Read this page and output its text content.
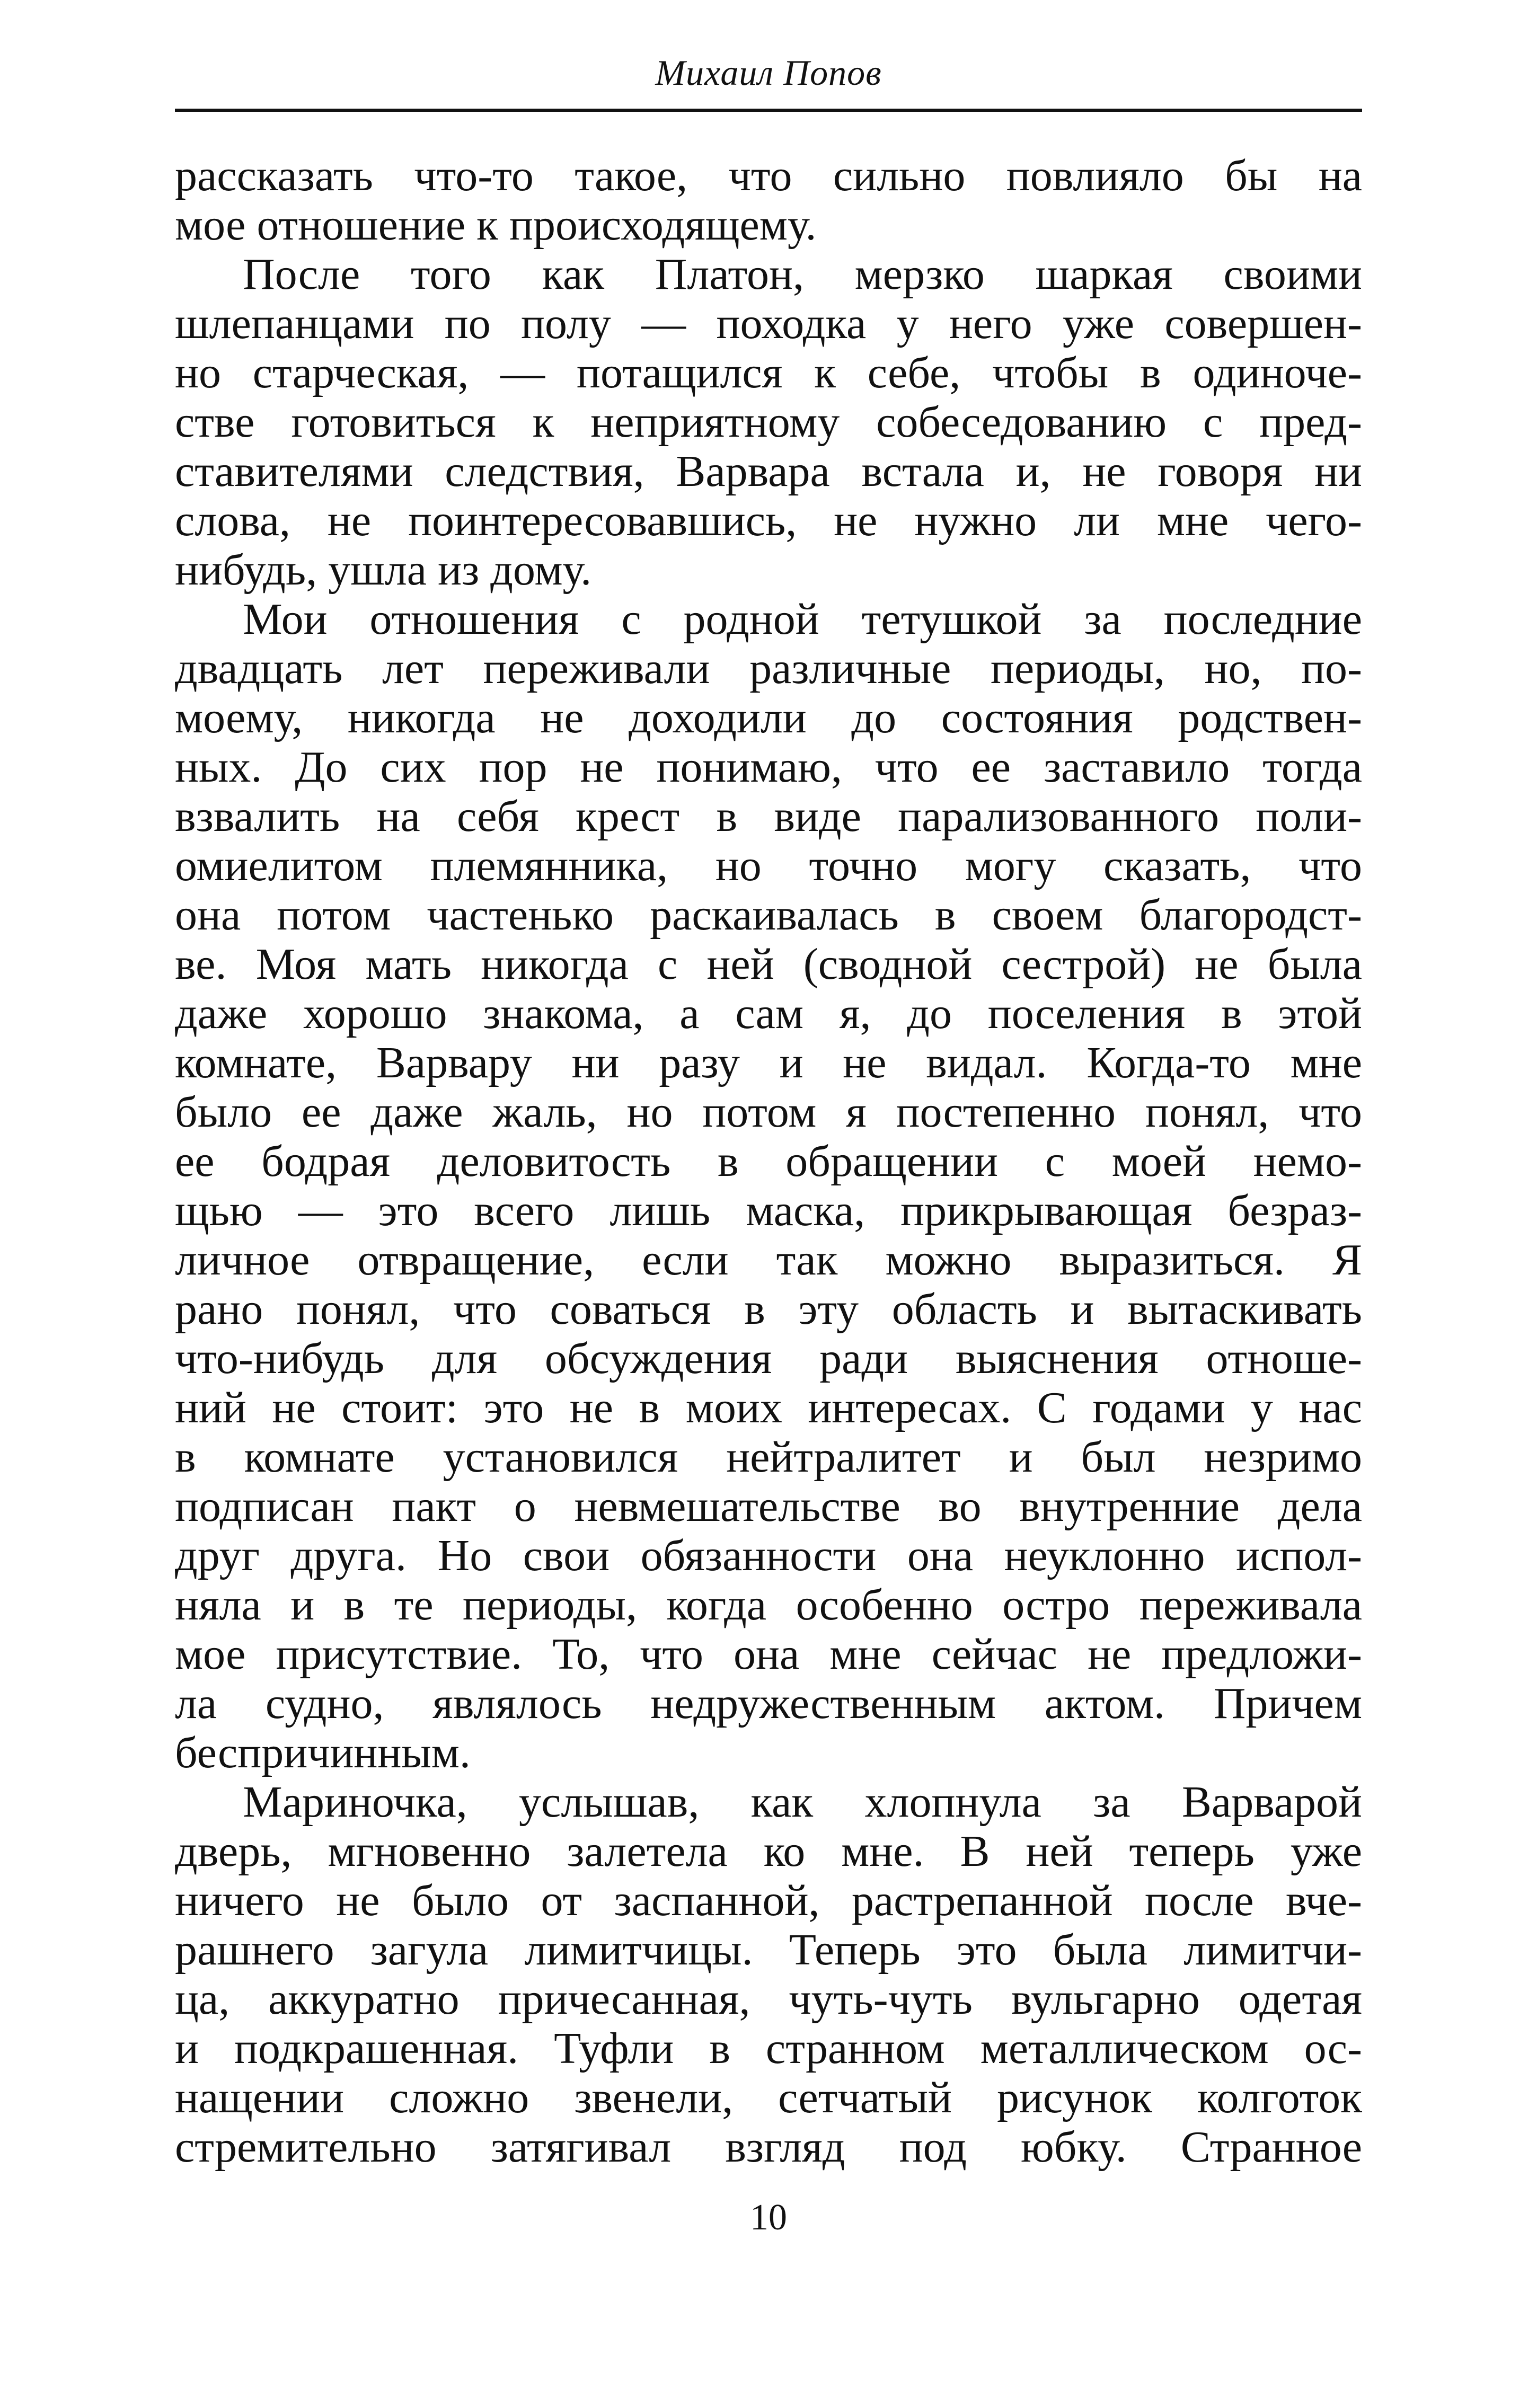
Михаил Попов
рассказать что-то такое, что сильно повлияло бы на
мое отношение к происходящему.
После того как Платон, мерзко шаркая своими
шлепанцами по полу — походка у него уже совершен-
но старческая, — потащился к себе, чтобы в одиноче-
стве готовиться к неприятному собеседованию с пред-
ставителями следствия, Варвара встала и, не говоря ни
слова, не поинтересовавшись, не нужно ли мне чего-
нибудь, ушла из дому.
Мои отношения с родной тетушкой за последние
двадцать лет переживали различные периоды, но, по-
моему, никогда не доходили до состояния родствен-
ных. До сих пор не понимаю, что ее заставило тогда
взвалить на себя крест в виде парализованного поли-
омиелитом племянника, но точно могу сказать, что
она потом частенько раскаивалась в своем благородст-
ве. Моя мать никогда с ней (сводной сестрой) не была
даже хорошо знакома, а сам я, до поселения в этой
комнате, Варвару ни разу и не видал. Когда-то мне
было ее даже жаль, но потом я постепенно понял, что
ее бодрая деловитость в обращении с моей немо-
щью — это всего лишь маска, прикрывающая безраз-
личное отвращение, если так можно выразиться. Я
рано понял, что соваться в эту область и вытаскивать
что-нибудь для обсуждения ради выяснения отноше-
ний не стоит: это не в моих интересах. С годами у нас
в комнате установился нейтралитет и был незримо
подписан пакт о невмешательстве во внутренние дела
друг друга. Но свои обязанности она неуклонно испол-
няла и в те периоды, когда особенно остро переживала
мое присутствие. То, что она мне сейчас не предложи-
ла судно, являлось недружественным актом. Причем
беспричинным.
Мариночка, услышав, как хлопнула за Варварой
дверь, мгновенно залетела ко мне. В ней теперь уже
ничего не было от заспанной, растрепанной после вче-
рашнего загула лимитчицы. Теперь это была лимитчи-
ца, аккуратно причесанная, чуть-чуть вульгарно одетая
и подкрашенная. Туфли в странном металлическом ос-
нащении сложно звенели, сетчатый рисунок колготок
стремительно затягивал взгляд под юбку. Странное
10
